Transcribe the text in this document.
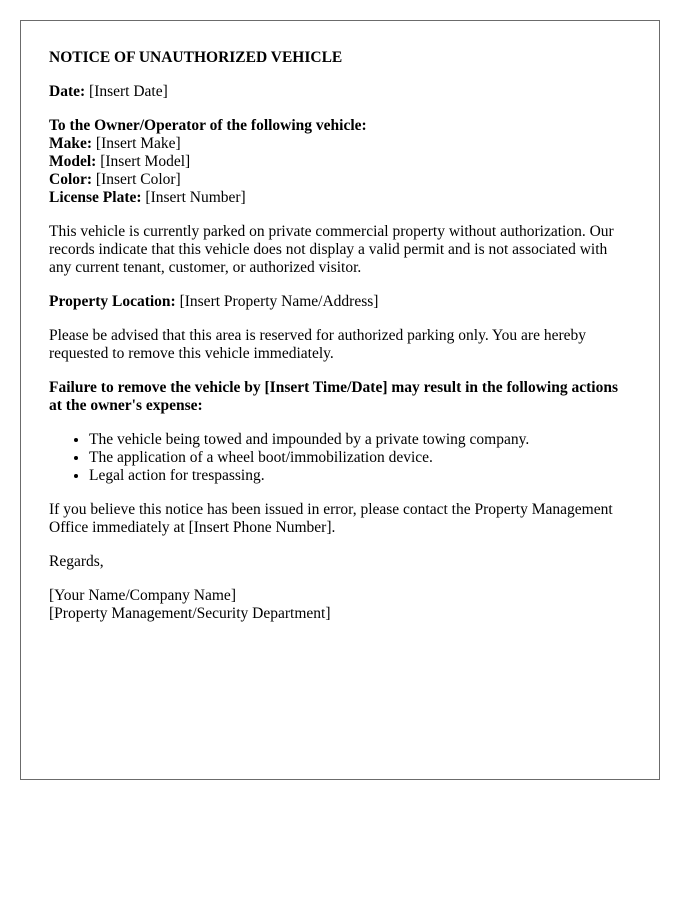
NOTICE OF UNAUTHORIZED VEHICLE

Date: [Insert Date]

To the Owner/Operator of the following vehicle:
Make: [Insert Make]
Model: [Insert Model]
Color: [Insert Color]
License Plate: [Insert Number]

This vehicle is currently parked on private commercial property without authorization. Our records indicate that this vehicle does not display a valid permit and is not associated with any current tenant, customer, or authorized visitor.

Property Location: [Insert Property Name/Address]

Please be advised that this area is reserved for authorized parking only. You are hereby requested to remove this vehicle immediately.

Failure to remove the vehicle by [Insert Time/Date] may result in the following actions at the owner's expense:

• The vehicle being towed and impounded by a private towing company.
• The application of a wheel boot/immobilization device.
• Legal action for trespassing.

If you believe this notice has been issued in error, please contact the Property Management Office immediately at [Insert Phone Number].

Regards,

[Your Name/Company Name]
[Property Management/Security Department]
